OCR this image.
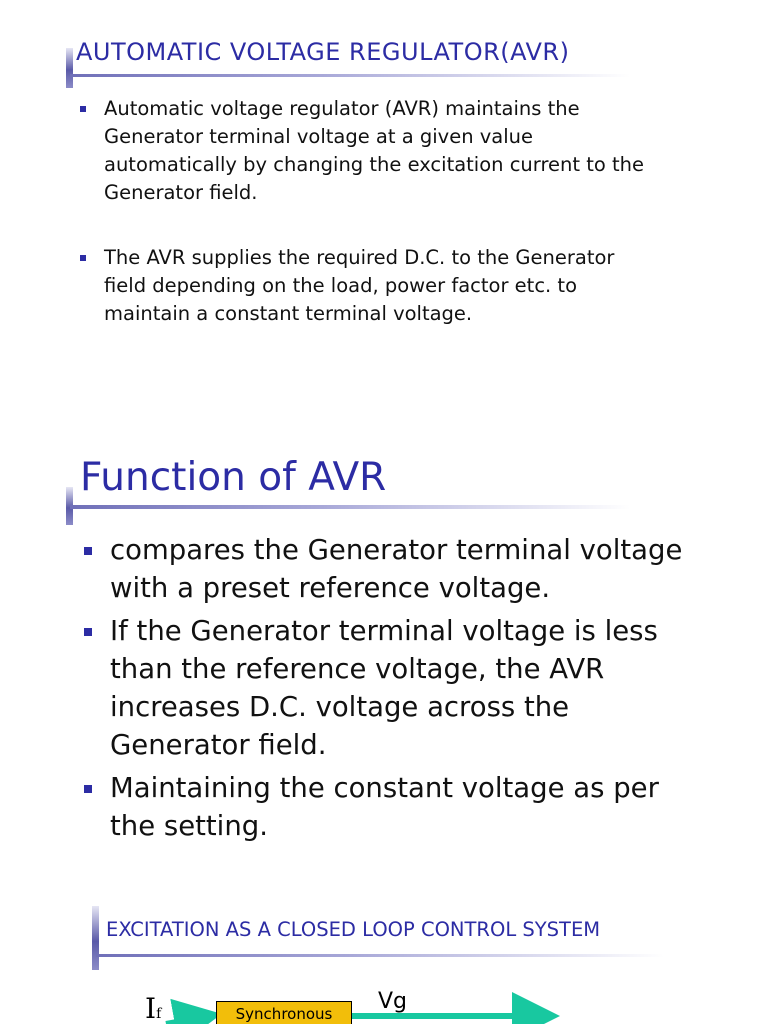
AUTOMATIC VOLTAGE REGULATOR(AVR)
Automatic voltage regulator (AVR) maintains the Generator terminal voltage at a given value automatically by changing the excitation current to the Generator field.
The AVR supplies the required D.C. to the Generator field depending on the load, power factor etc. to maintain a constant terminal voltage.
Function of AVR
compares the Generator terminal voltage with a preset reference voltage.
If the Generator terminal voltage is less than the reference voltage, the AVR increases D.C. voltage across the Generator field.
Maintaining the constant voltage as per the setting.
EXCITATION AS A CLOSED LOOP CONTROL SYSTEM
If	Synchronous	Vg
